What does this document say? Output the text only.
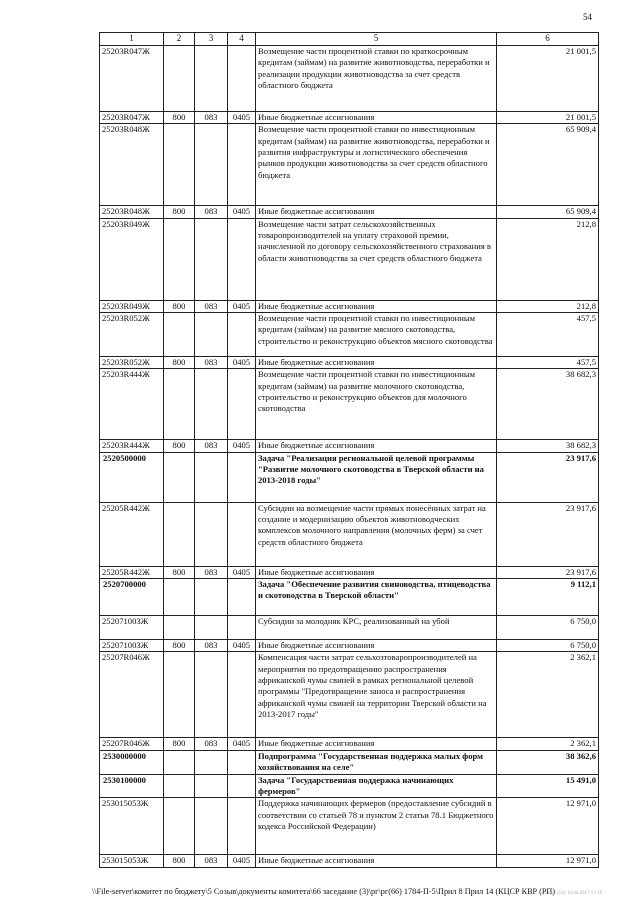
54
1	2	3	4	5	6
25203R047Ж				Возмещение части процентной ставки по краткосрочным кредитам (займам) на развитие животноводства, переработки и реализации продукции животноводства за счет средств областного бюджета	21 001,5
25203R047Ж	800	083	0405	Иные бюджетные ассигнования	21 001,5
25203R048Ж				Возмещение части процентной ставки по инвестиционным кредитам (займам) на развитие животноводства, переработки и развития инфраструктуры и логистического обеспечения рынков продукции животноводства за счет средств областного бюджета	65 909,4
25203R048Ж	800	083	0405	Иные бюджетные ассигнования	65 909,4
25203R049Ж				Возмещение части затрат сельскохозяйственных товаропроизводителей на уплату страховой премии, начисленной по договору сельскохозяйственного страхования в области животноводства за счет средств областного бюджета	212,8
25203R049Ж	800	083	0405	Иные бюджетные ассигнования	212,8
25203R052Ж				Возмещение части процентной ставки по инвестиционным кредитам (займам) на развитие мясного скотоводства, строительство и реконструкцию объектов мясного скотоводства	457,5
25203R052Ж	800	083	0405	Иные бюджетные ассигнования	457,5
25203R444Ж				Возмещение части процентной ставки по инвестиционным кредитам (займам) на развитие молочного скотоводства, строительство и реконструкцию объектов для молочного скотоводства	38 682,3
25203R444Ж	800	083	0405	Иные бюджетные ассигнования	38 682,3
2520500000				Задача "Реализация региональной целевой программы "Развитие молочного скотоводства в Тверской области на 2013-2018 годы"	23 917,6
25205R442Ж				Субсидии на возмещение части прямых понесённых затрат на создание и модернизацию объектов животноводческих комплексов молочного направления (молочных ферм) за счет средств областного бюджета	23 917,6
25205R442Ж	800	083	0405	Иные бюджетные ассигнования	23 917,6
2520700000				Задача "Обеспечение развития свиноводства, птицеводства и скотоводства в Тверской области"	9 112,1
252071003Ж				Субсидии за молодняк КРС, реализованный на убой	6 750,0
252071003Ж	800	083	0405	Иные бюджетные ассигнования	6 750,0
25207R046Ж				Компенсация части затрат сельхозтоваропроизводителей на мероприятия по предотвращению распространения африканской чумы свиней в рамках региональной целевой программы "Предотвращение заноса и распространения африканской чумы свиней на территории Тверской области на 2013-2017 годы"	2 362,1
25207R046Ж	800	083	0405	Иные бюджетные ассигнования	2 362,1
2530000000				Подпрограмма "Государственная поддержка малых форм хозяйствования на селе"	38 362,6
2530100000				Задача "Государственная поддержка начинающих фермеров"	15 491,0
253015053Ж				Поддержка начинающих фермеров (предоставление субсидий в соответствии со статьей 78 и пунктом 2 статьи 78.1 Бюджетного кодекса Российской Федерации)	12 971,0
253015053Ж	800	083	0405	Иные бюджетные ассигнования	12 971,0
\\File-server\комитет по бюджету\5 Созыв\документы комитета\66 заседание (3)\рг\рг(66) 1784-П-5\Прил 8 Прил 14 (КЦСР КВР (РП)
Page: (54) 10.04.2017 17:18
